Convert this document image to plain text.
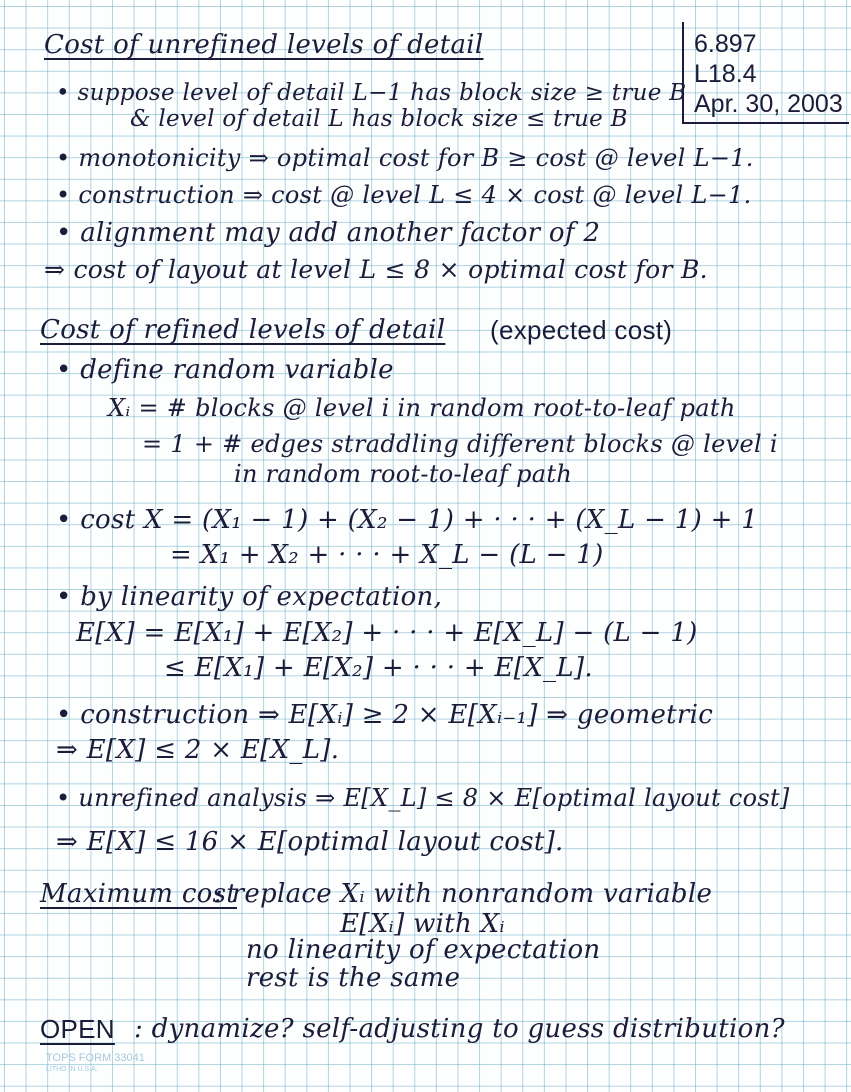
6.897
L18.4
Apr. 30, 2003
Cost of unrefined levels of detail
• suppose level of detail L−1 has block size ≥ true B
& level of detail L has block size ≤ true B
• monotonicity ⇒ optimal cost for B ≥ cost @ level L−1.
• construction ⇒ cost @ level L ≤ 4 × cost @ level L−1.
• alignment may add another factor of 2
⇒ cost of layout at level L ≤ 8 × optimal cost for B.
Cost of refined levels of detail (expected cost)
• define random variable
Xᵢ = # blocks @ level i in random root-to-leaf path
= 1 + # edges straddling different blocks @ level i
in random root-to-leaf path
• cost X = (X₁ − 1) + (X₂ − 1) + · · · + (X_L − 1) + 1
= X₁ + X₂ + · · · + X_L − (L − 1)
• by linearity of expectation,
E[X] = E[X₁] + E[X₂] + · · · + E[X_L] − (L − 1)
≤ E[X₁] + E[X₂] + · · · + E[X_L].
• construction ⇒ E[Xᵢ] ≥ 2 × E[Xᵢ₋₁] ⇒ geometric
⇒ E[X] ≤ 2 × E[X_L].
• unrefined analysis ⇒ E[X_L] ≤ 8 × E[optimal layout cost]
⇒ E[X] ≤ 16 × E[optimal layout cost].
Maximum cost
: replace Xᵢ with nonrandom variable
E[Xᵢ] with Xᵢ
no linearity of expectation
rest is the same
OPEN : dynamize? self-adjusting to guess distribution?
TOPS FORM 33041
LITHO IN U.S.A.
